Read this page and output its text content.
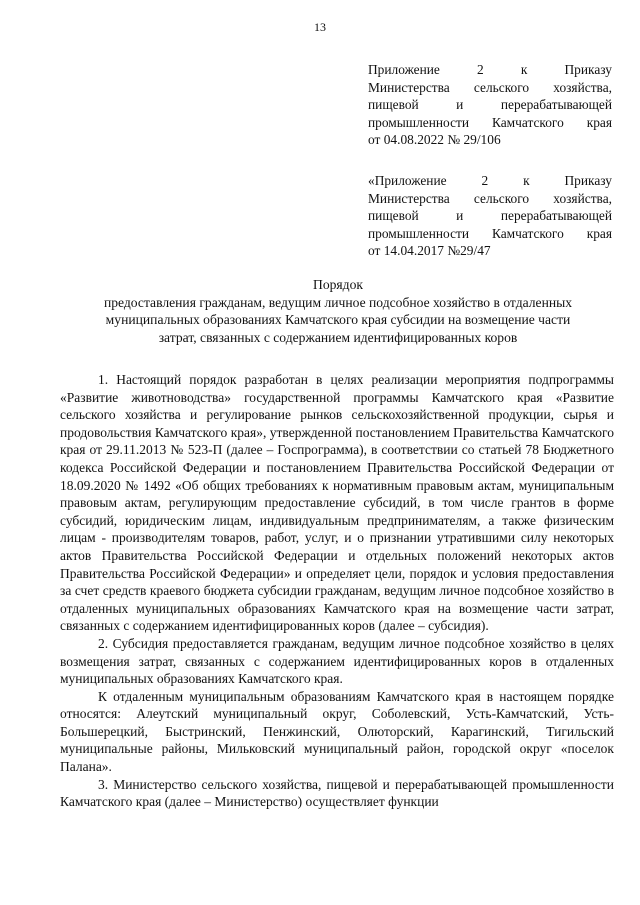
13
Приложение 2 к Приказу
Министерства сельского хозяйства,
пищевой и перерабатывающей
промышленности Камчатского края
от 04.08.2022 № 29/106
«Приложение 2 к Приказу
Министерства сельского хозяйства,
пищевой и перерабатывающей
промышленности Камчатского края
от 14.04.2017 №29/47
Порядок
предоставления гражданам, ведущим личное подсобное хозяйство в отдаленных
муниципальных образованиях Камчатского края субсидии на возмещение части
затрат, связанных с содержанием идентифицированных коров

1. Настоящий порядок разработан в целях реализации мероприятия подпрограммы «Развитие животноводства» государственной программы Камчатского края «Развитие сельского хозяйства и регулирование рынков сельскохозяйственной продукции, сырья и продовольствия Камчатского края», утвержденной постановлением Правительства Камчатского края от 29.11.2013 № 523-П (далее – Госпрограмма), в соответствии со статьей 78 Бюджетного кодекса Российской Федерации и постановлением Правительства Российской Федерации от 18.09.2020 № 1492 «Об общих требованиях к нормативным правовым актам, муниципальным правовым актам, регулирующим предоставление субсидий, в том числе грантов в форме субсидий, юридическим лицам, индивидуальным предпринимателям, а также физическим лицам - производителям товаров, работ, услуг, и о признании утратившими силу некоторых актов Правительства Российской Федерации и отдельных положений некоторых актов Правительства Российской Федерации» и определяет цели, порядок и условия предоставления за счет средств краевого бюджета субсидии гражданам, ведущим личное подсобное хозяйство в отдаленных муниципальных образованиях Камчатского края на возмещение части затрат, связанных с содержанием идентифицированных коров (далее – субсидия).

2. Субсидия предоставляется гражданам, ведущим личное подсобное хозяйство в целях возмещения затрат, связанных с содержанием идентифицированных коров в отдаленных муниципальных образованиях Камчатского края.

К отдаленным муниципальным образованиям Камчатского края в настоящем порядке относятся: Алеутский муниципальный округ, Соболевский, Усть-Камчатский, Усть-Большерецкий, Быстринский, Пенжинский, Олюторский, Карагинский, Тигильский муниципальные районы, Мильковский муниципальный район, городской округ «поселок Палана».

3. Министерство сельского хозяйства, пищевой и перерабатывающей промышленности Камчатского края (далее – Министерство) осуществляет функции
